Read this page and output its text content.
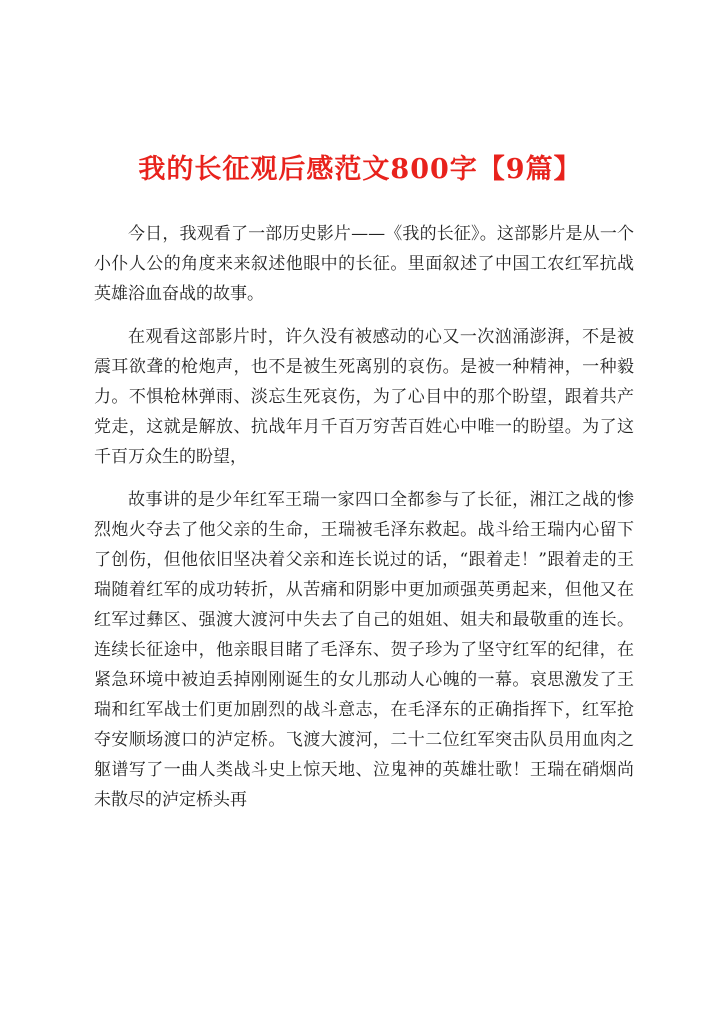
我的长征观后感范文800字【9篇】

今日，我观看了一部历史影片——《我的长征》。这部影片是从一个小仆人公的角度来来叙述他眼中的长征。里面叙述了中国工农红军抗战英雄浴血奋战的故事。

在观看这部影片时，许久没有被感动的心又一次汹涌澎湃，不是被震耳欲聋的枪炮声，也不是被生死离别的哀伤。是被一种精神，一种毅力。不惧枪林弹雨、淡忘生死哀伤，为了心目中的那个盼望，跟着共产党走，这就是解放、抗战年月千百万穷苦百姓心中唯一的盼望。为了这千百万众生的盼望，

故事讲的是少年红军王瑞一家四口全都参与了长征，湘江之战的惨烈炮火夺去了他父亲的生命，王瑞被毛泽东救起。战斗给王瑞内心留下了创伤，但他依旧坚决着父亲和连长说过的话，“跟着走！”跟着走的王瑞随着红军的成功转折，从苦痛和阴影中更加顽强英勇起来，但他又在红军过彝区、强渡大渡河中失去了自己的姐姐、姐夫和最敬重的连长。连续长征途中，他亲眼目睹了毛泽东、贺子珍为了坚守红军的纪律，在紧急环境中被迫丢掉刚刚诞生的女儿那动人心魄的一幕。哀思激发了王瑞和红军战士们更加剧烈的战斗意志，在毛泽东的正确指挥下，红军抢夺安顺场渡口的泸定桥。飞渡大渡河，二十二位红军突击队员用血肉之躯谱写了一曲人类战斗史上惊天地、泣鬼神的英雄壮歌！王瑞在硝烟尚未散尽的泸定桥头再
